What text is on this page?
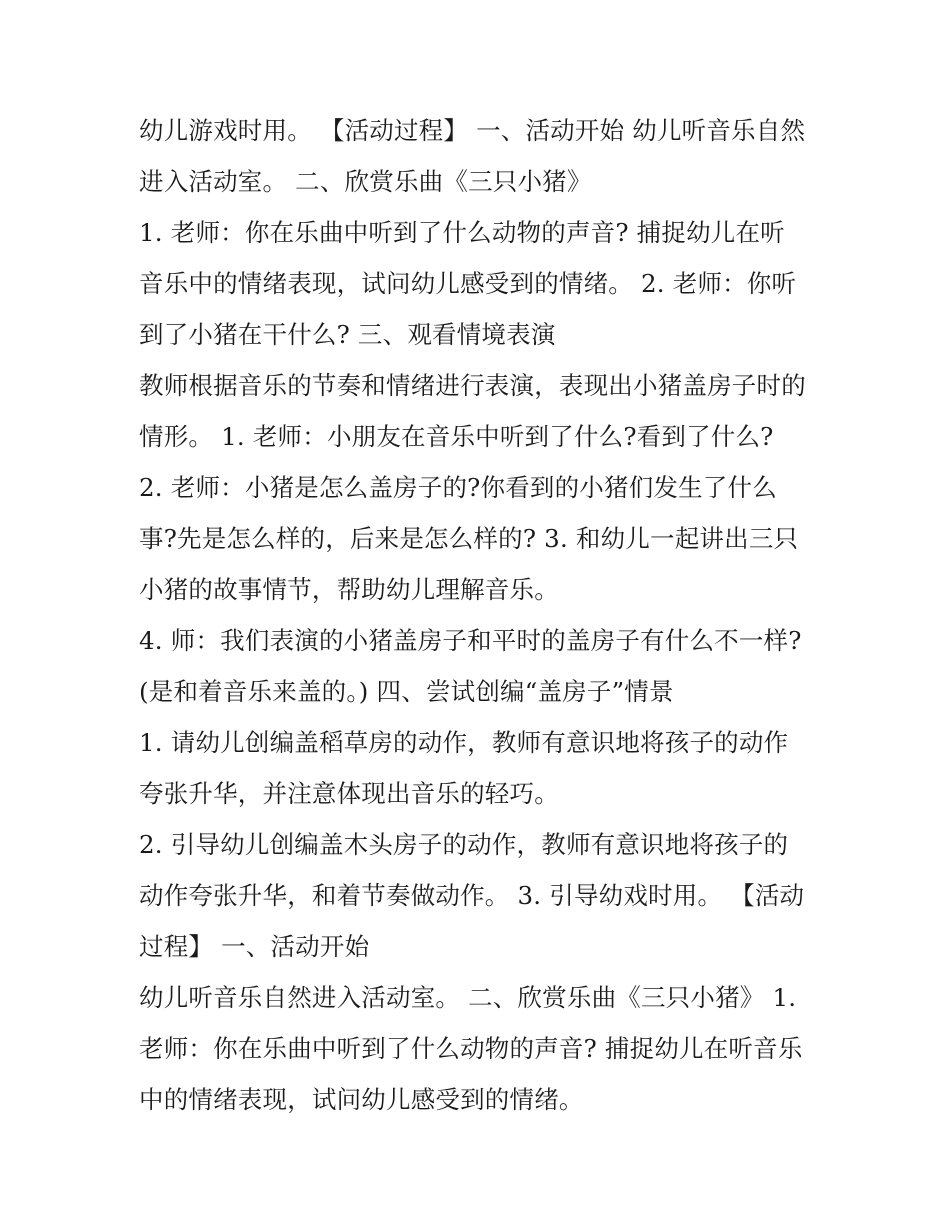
幼儿游戏时用。 【活动过程】 一、活动开始 幼儿听音乐自然
进入活动室。 二、欣赏乐曲《三只小猪》
1. 老师：你在乐曲中听到了什么动物的声音? 捕捉幼儿在听
音乐中的情绪表现，试问幼儿感受到的情绪。 2. 老师：你听
到了小猪在干什么? 三、观看情境表演
教师根据音乐的节奏和情绪进行表演，表现出小猪盖房子时的
情形。 1. 老师：小朋友在音乐中听到了什么?看到了什么?
2. 老师：小猪是怎么盖房子的?你看到的小猪们发生了什么
事?先是怎么样的，后来是怎么样的? 3. 和幼儿一起讲出三只
小猪的故事情节，帮助幼儿理解音乐。
4. 师：我们表演的小猪盖房子和平时的盖房子有什么不一样?
(是和着音乐来盖的。) 四、尝试创编“盖房子”情景
1. 请幼儿创编盖稻草房的动作，教师有意识地将孩子的动作
夸张升华，并注意体现出音乐的轻巧。
2. 引导幼儿创编盖木头房子的动作，教师有意识地将孩子的
动作夸张升华，和着节奏做动作。 3. 引导幼戏时用。 【活动
过程】 一、活动开始
幼儿听音乐自然进入活动室。 二、欣赏乐曲《三只小猪》 1.
老师：你在乐曲中听到了什么动物的声音? 捕捉幼儿在听音乐
中的情绪表现，试问幼儿感受到的情绪。
